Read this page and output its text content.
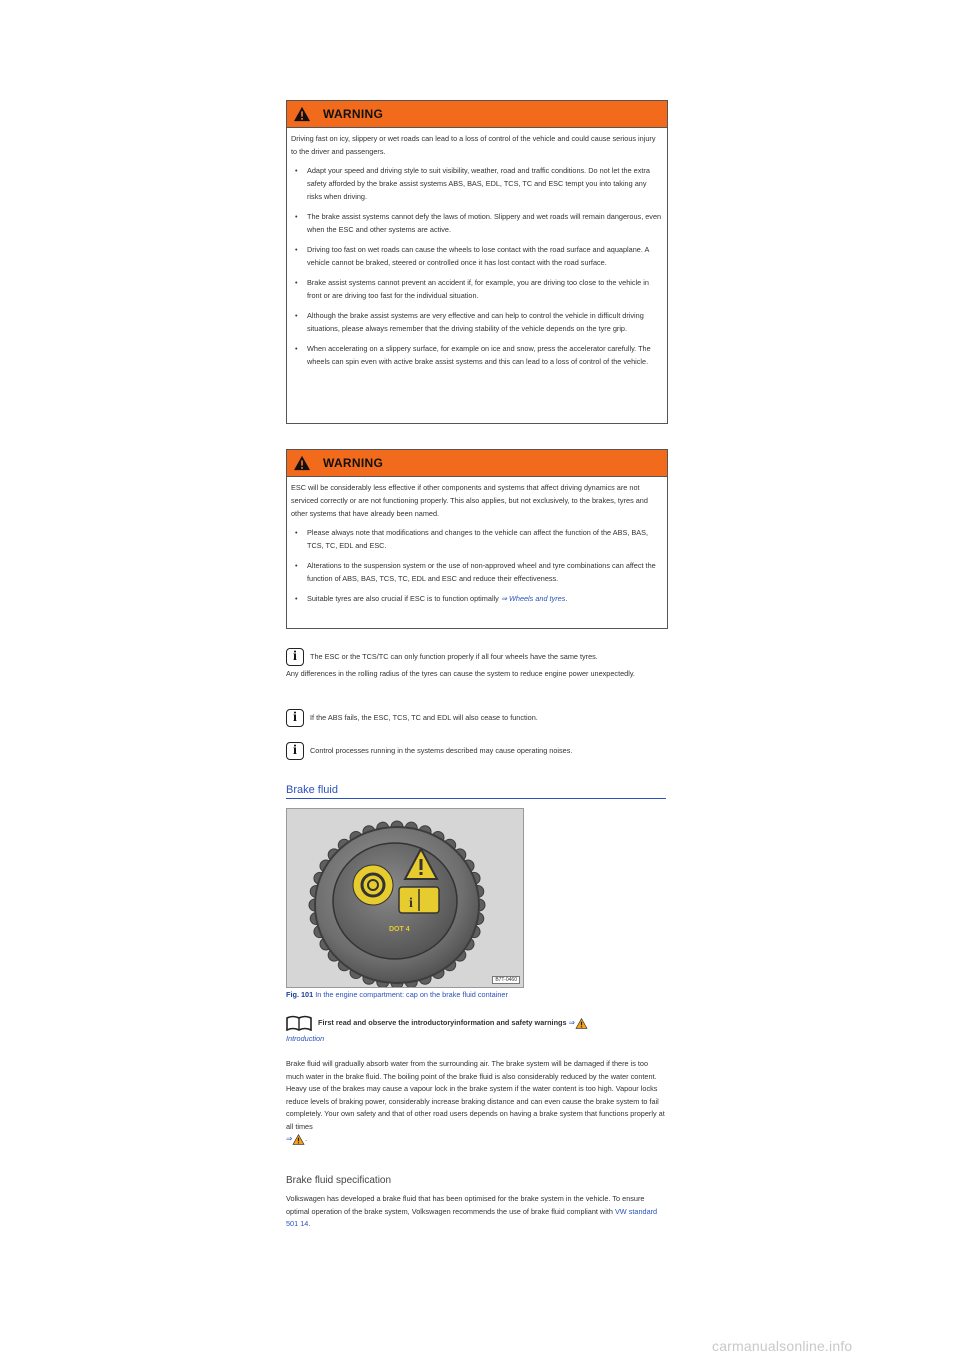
WARNING

Driving fast on icy, slippery or wet roads can lead to a loss of control of the vehicle and could cause serious injury to the driver and passengers.

• Adapt your speed and driving style to suit visibility, weather, road and traffic conditions. Do not let the extra safety afforded by the brake assist systems ABS, BAS, EDL, TCS, TC and ESC tempt you into taking any risks when driving.
• The brake assist systems cannot defy the laws of motion. Slippery and wet roads will remain dangerous, even when the ESC and other systems are active.
• Driving too fast on wet roads can cause the wheels to lose contact with the road surface and aquaplane. A vehicle cannot be braked, steered or controlled once it has lost contact with the road surface.
• Brake assist systems cannot prevent an accident if, for example, you are driving too close to the vehicle in front or are driving too fast for the individual situation.
• Although the brake assist systems are very effective and can help to control the vehicle in difficult driving situations, please always remember that the driving stability of the vehicle depends on the tyre grip.
• When accelerating on a slippery surface, for example on ice and snow, press the accelerator carefully. The wheels can spin even with active brake assist systems and this can lead to a loss of control of the vehicle.
WARNING

ESC will be considerably less effective if other components and systems that affect driving dynamics are not serviced correctly or are not functioning properly. This also applies, but not exclusively, to the brakes, tyres and other systems that have already been named.

• Please always note that modifications and changes to the vehicle can affect the function of the ABS, BAS, TCS, TC, EDL and ESC.
• Alterations to the suspension system or the use of non-approved wheel and tyre combinations can affect the function of ABS, BAS, TCS, TC, EDL and ESC and reduce their effectiveness.
• Suitable tyres are also crucial if ESC is to function optimally ⇒ Wheels and tyres.
i	The ESC or the TCS/TC can only function properly if all four wheels have the same tyres.
Any differences in the rolling radius of the tyres can cause the system to reduce engine power unexpectedly.
i	If the ABS fails, the ESC, TCS, TC and EDL will also cease to function.
i	Control processes running in the systems described may cause operating noises.
Brake fluid
i
DOT 4
B7T-0460
Fig. 101 In the engine compartment: cap on the brake fluid container
First read and observe the introductoryinformation and safety warnings ⇒
Introduction

Brake fluid will gradually absorb water from the surrounding air. The brake system will be damaged if there is too much water in the brake fluid. The boiling point of the brake fluid is also considerably reduced by the water content. Heavy use of the brakes may cause a vapour lock in the brake system if the water content is too high. Vapour locks reduce levels of braking power, considerably increase braking distance and can even cause the brake system to fail completely. Your own safety and that of other road users depends on having a brake system that functions properly at all times
⇒ .

Brake fluid specification

Volkswagen has developed a brake fluid that has been optimised for the brake system in the vehicle. To ensure optimal operation of the brake system, Volkswagen recommends the use of brake fluid compliant with VW standard 501 14.

carmanualsonline.info
